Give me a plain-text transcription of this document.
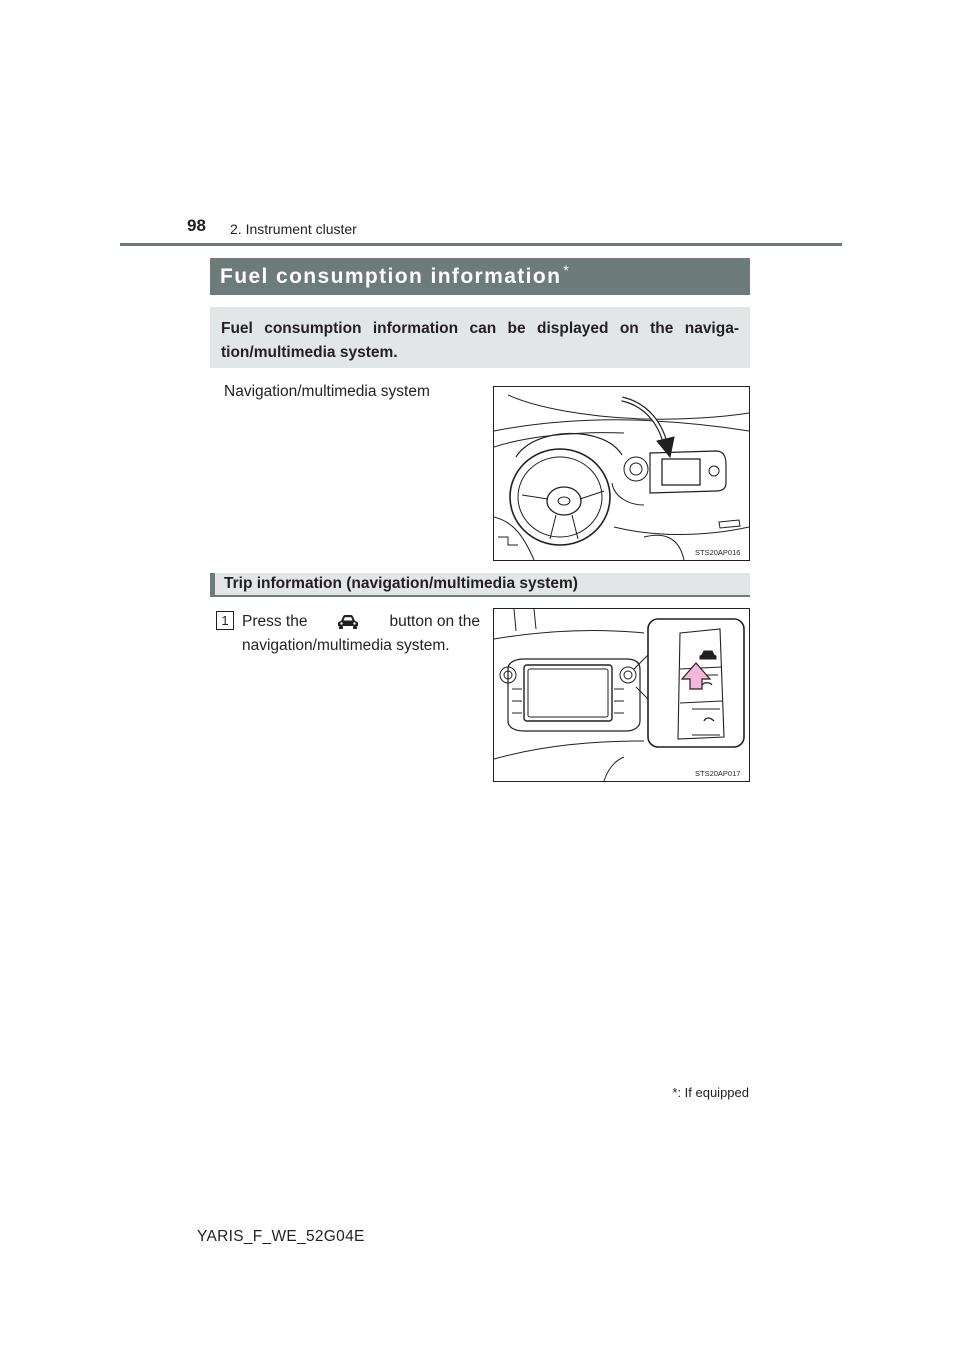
98 2. Instrument cluster
Fuel consumption information *
Fuel consumption information can be displayed on the naviga- tion/multimedia system.
Navigation/multimedia system
STS20AP016
Trip information (navigation/multimedia system)
1 Press the	button on the
navigation/multimedia system.
STS20AP017
*: If equipped
YARIS_F_WE_52G04E
